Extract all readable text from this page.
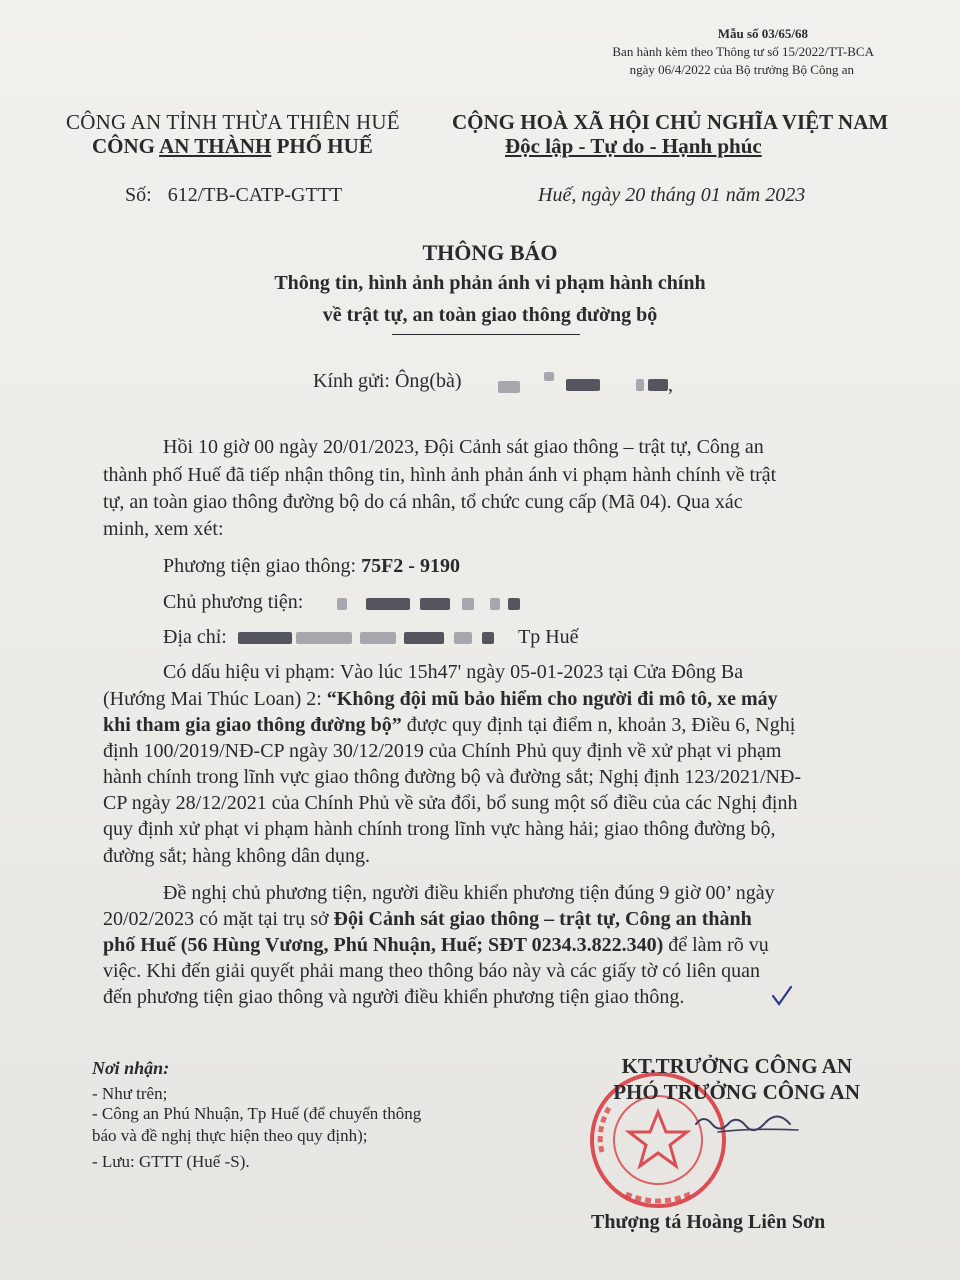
Mẫu số 03/65/68
Ban hành kèm theo Thông tư số 15/2022/TT-BCA
ngày 06/4/2022 của Bộ trưởng Bộ Công an
CÔNG AN TỈNH THỪA THIÊN HUẾ
CÔNG AN THÀNH PHỐ HUẾ
CỘNG HOÀ XÃ HỘI CHỦ NGHĨA VIỆT NAM
Độc lập - Tự do - Hạnh phúc
Số: 612/TB-CATP-GTTT	Huế, ngày 20 tháng 01 năm 2023
THÔNG BÁO
Thông tin, hình ảnh phản ánh vi phạm hành chính
về trật tự, an toàn giao thông đường bộ
Kính gửi: Ông(bà)	,
Hồi 10 giờ 00 ngày 20/01/2023, Đội Cảnh sát giao thông – trật tự, Công an
thành phố Huế đã tiếp nhận thông tin, hình ảnh phản ánh vi phạm hành chính về trật
tự, an toàn giao thông đường bộ do cá nhân, tổ chức cung cấp (Mã 04). Qua xác
minh, xem xét:
Phương tiện giao thông: 75F2 - 9190
Chủ phương tiện:
Địa chỉ:	Tp Huế
Có dấu hiệu vi phạm: Vào lúc 15h47' ngày 05-01-2023 tại Cửa Đông Ba
(Hướng Mai Thúc Loan) 2: “Không đội mũ bảo hiểm cho người đi mô tô, xe máy
khi tham gia giao thông đường bộ” được quy định tại điểm n, khoản 3, Điều 6, Nghị
định 100/2019/NĐ-CP ngày 30/12/2019 của Chính Phủ quy định về xử phạt vi phạm
hành chính trong lĩnh vực giao thông đường bộ và đường sắt; Nghị định 123/2021/NĐ-
CP ngày 28/12/2021 của Chính Phủ về sửa đổi, bổ sung một số điều của các Nghị định
quy định xử phạt vi phạm hành chính trong lĩnh vực hàng hải; giao thông đường bộ,
đường sắt; hàng không dân dụng.
Đề nghị chủ phương tiện, người điều khiển phương tiện đúng 9 giờ 00’ ngày
20/02/2023 có mặt tại trụ sở Đội Cảnh sát giao thông – trật tự, Công an thành
phố Huế (56 Hùng Vương, Phú Nhuận, Huế; SĐT 0234.3.822.340) để làm rõ vụ
việc. Khi đến giải quyết phải mang theo thông báo này và các giấy tờ có liên quan
đến phương tiện giao thông và người điều khiển phương tiện giao thông.
Nơi nhận:
- Như trên;
- Công an Phú Nhuận, Tp Huế (để chuyển thông
báo và đề nghị thực hiện theo quy định);
- Lưu: GTTT (Huế -S).
KT.TRƯỞNG CÔNG AN
PHÓ TRƯỞNG CÔNG AN
Thượng tá Hoàng Liên Sơn
